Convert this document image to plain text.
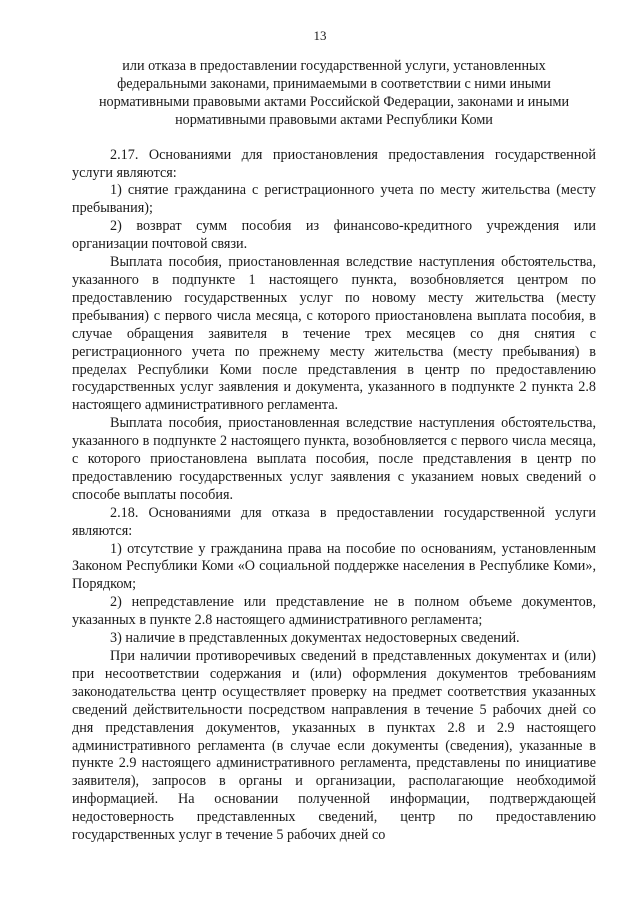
13

или отказа в предоставлении государственной услуги, установленных федеральными законами, принимаемыми в соответствии с ними иными нормативными правовыми актами Российской Федерации, законами и иными нормативными правовыми актами Республики Коми

2.17. Основаниями для приостановления предоставления государственной услуги являются:

1) снятие гражданина с регистрационного учета по месту жительства (месту пребывания);

2) возврат сумм пособия из финансово-кредитного учреждения или организации почтовой связи.

Выплата пособия, приостановленная вследствие наступления обстоятельства, указанного в подпункте 1 настоящего пункта, возобновляется центром по предоставлению государственных услуг по новому месту жительства (месту пребывания) с первого числа месяца, с которого приостановлена выплата пособия, в случае обращения заявителя в течение трех месяцев со дня снятия с регистрационного учета по прежнему месту жительства (месту пребывания) в пределах Республики Коми после представления в центр по предоставлению государственных услуг заявления и документа, указанного в подпункте 2 пункта 2.8 настоящего административного регламента.

Выплата пособия, приостановленная вследствие наступления обстоятельства, указанного в подпункте 2 настоящего пункта, возобновляется с первого числа месяца, с которого приостановлена выплата пособия, после представления в центр по предоставлению государственных услуг заявления с указанием новых сведений о способе выплаты пособия.

2.18. Основаниями для отказа в предоставлении государственной услуги являются:

1) отсутствие у гражданина права на пособие по основаниям, установленным Законом Республики Коми «О социальной поддержке населения в Республике Коми», Порядком;

2) непредставление или представление не в полном объеме документов, указанных в пункте 2.8 настоящего административного регламента;

3) наличие в представленных документах недостоверных сведений.

При наличии противоречивых сведений в представленных документах и (или) при несоответствии содержания и (или) оформления документов требованиям законодательства центр осуществляет проверку на предмет соответствия указанных сведений действительности посредством направления в течение 5 рабочих дней со дня представления документов, указанных в пунктах 2.8 и 2.9 настоящего административного регламента (в случае если документы (сведения), указанные в пункте 2.9 настоящего административного регламента, представлены по инициативе заявителя), запросов в органы и организации, располагающие необходимой информацией. На основании полученной информации, подтверждающей недостоверность представленных сведений, центр по предоставлению государственных услуг в течение 5 рабочих дней со
